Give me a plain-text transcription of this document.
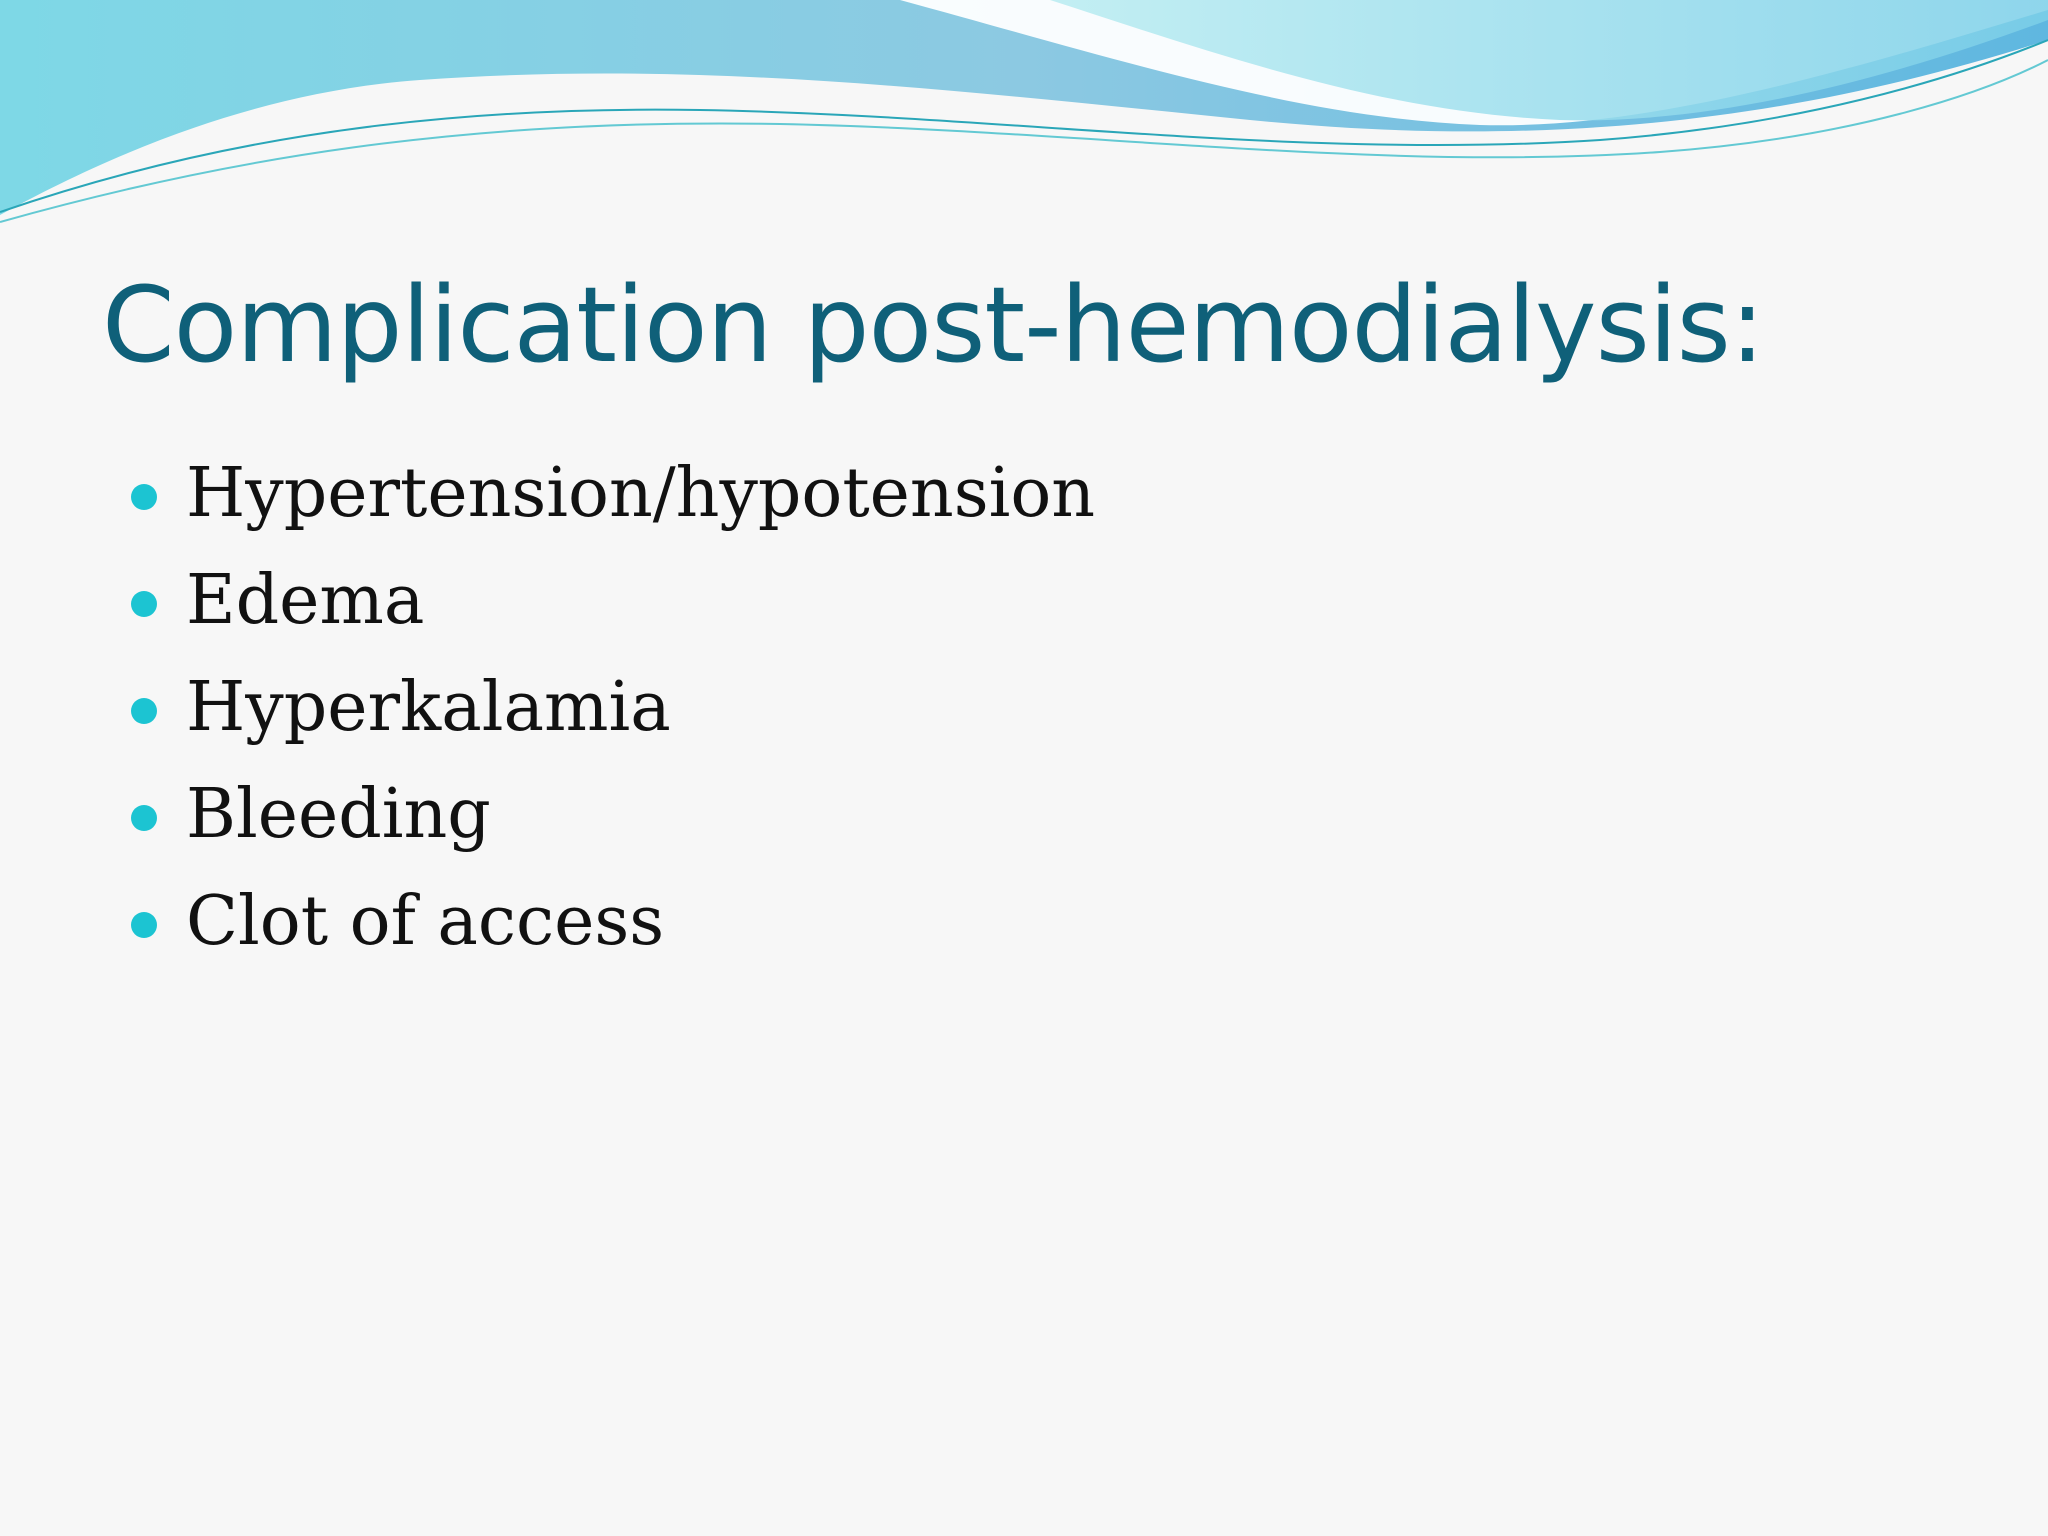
Complication post-hemodialysis:
Hypertension/hypotension
Edema
Hyperkalamia
Bleeding
Clot of access
